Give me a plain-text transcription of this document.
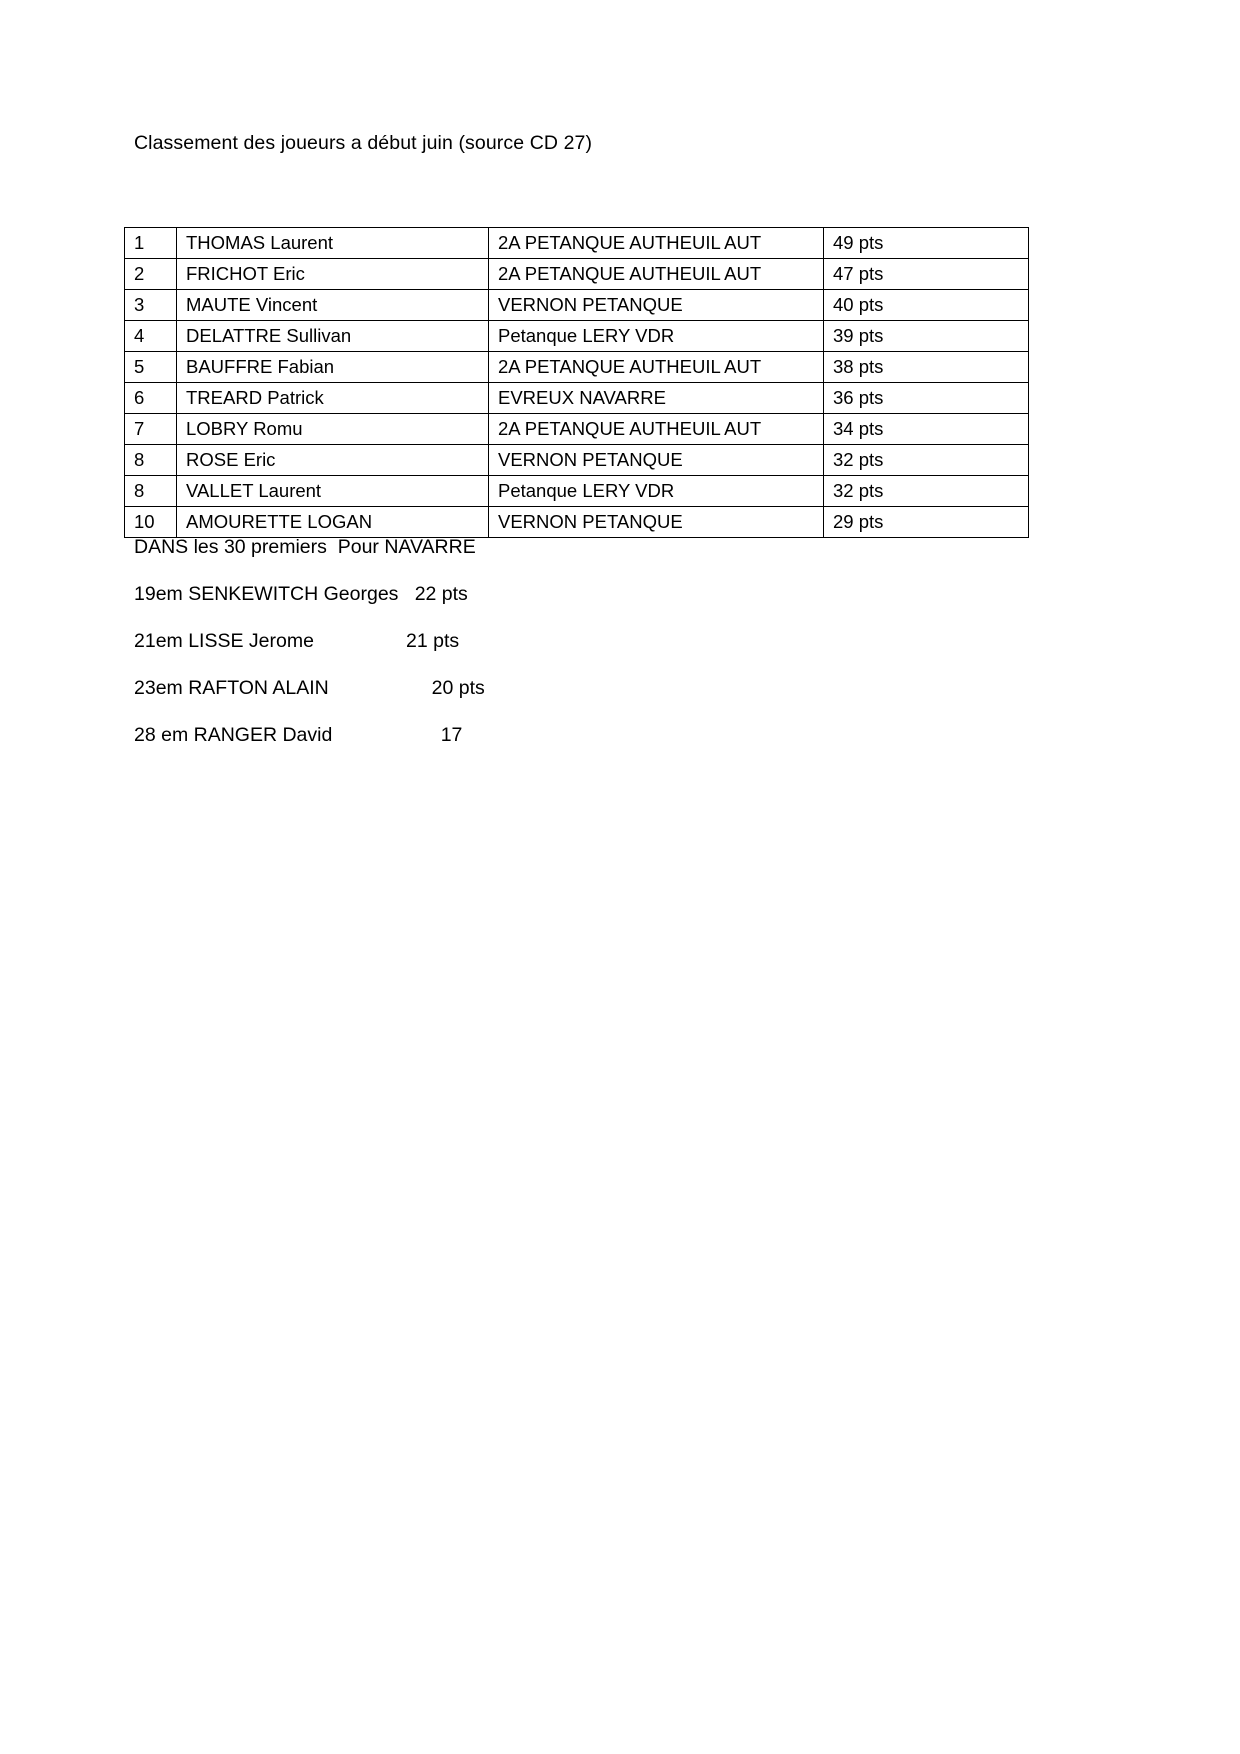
Classement des joueurs a début juin (source CD 27)
1	THOMAS Laurent	2A PETANQUE AUTHEUIL AUT	49 pts
2	FRICHOT Eric	2A PETANQUE AUTHEUIL AUT	47 pts
3	MAUTE Vincent	VERNON PETANQUE	40 pts
4	DELATTRE Sullivan	Petanque LERY VDR	39 pts
5	BAUFFRE Fabian	2A PETANQUE AUTHEUIL AUT	38 pts
6	TREARD Patrick	EVREUX NAVARRE	36 pts
7	LOBRY Romu	2A PETANQUE AUTHEUIL AUT	34 pts
8	ROSE Eric	VERNON PETANQUE	32 pts
8	VALLET Laurent	Petanque LERY VDR	32 pts
10	AMOURETTE LOGAN	VERNON PETANQUE	29 pts
DANS les 30 premiers  Pour NAVARRE
19em SENKEWITCH Georges 22 pts
21em LISSE Jerome	21 pts
23em RAFTON ALAIN	20 pts
28 em RANGER David	17
